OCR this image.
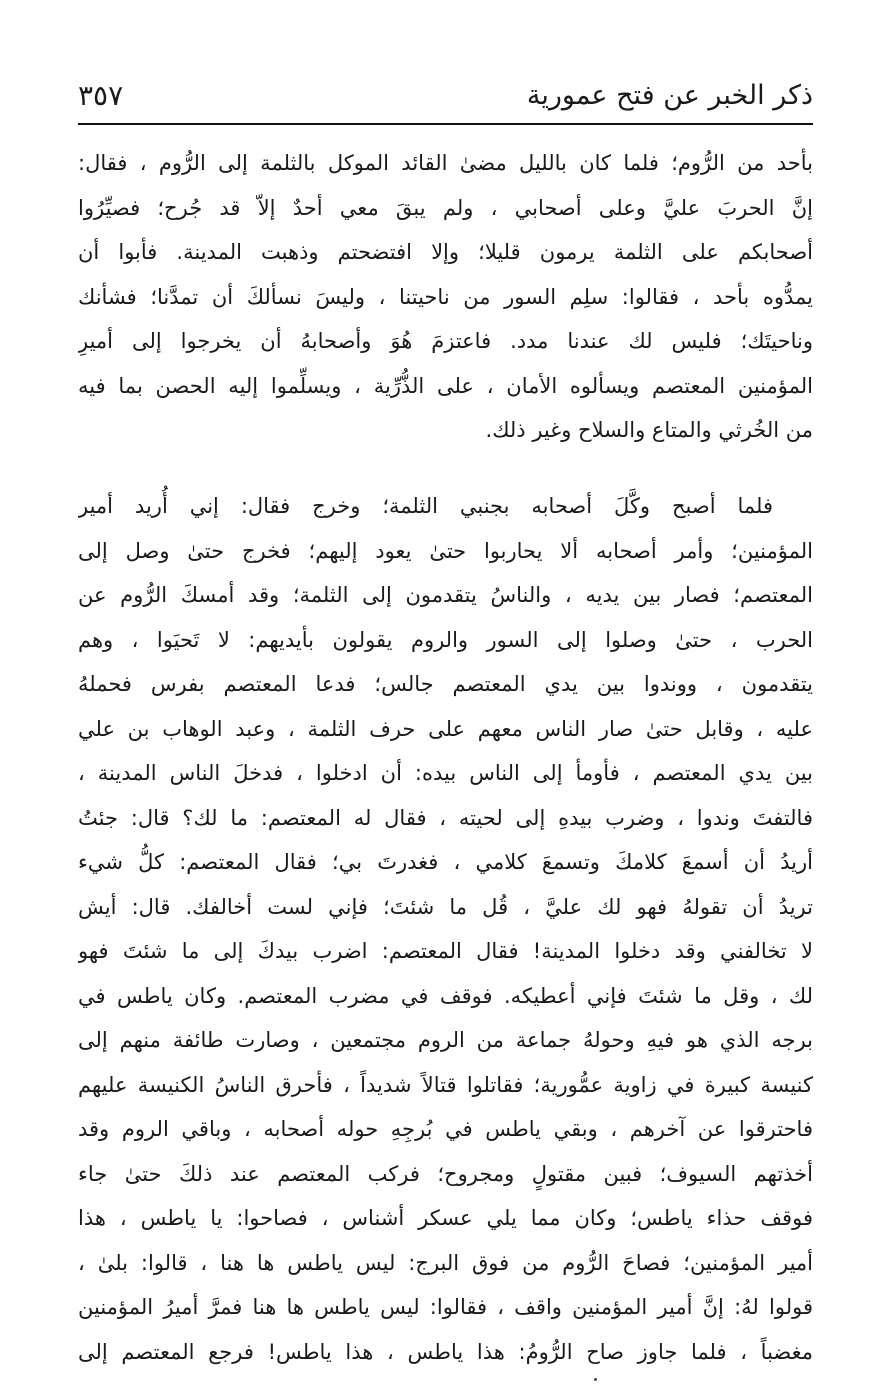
ذكر الخبر عن فتح عمورية
٣٥٧
بأحد من الرُّوم؛ فلما كان بالليل مضىٰ القائد الموكل بالثلمة إلى الرُّوم ، فقال:
إنَّ الحربَ عليَّ وعلى أصحابي ، ولم يبقَ معي أحدٌ إلاّ قد جُرح؛ فصيِّرُوا
أصحابكم على الثلمة يرمون قليلا؛ وإلا افتضحتم وذهبت المدينة. فأبوا أن
يمدُّوه بأحد ، فقالوا: سلِم السور من ناحيتنا ، وليسَ نسألكَ أن تمدَّنا؛ فشأنك
وناحيتَك؛ فليس لك عندنا مدد. فاعتزمَ هُوَ وأصحابهُ أن يخرجوا إلى أميرِ
المؤمنين المعتصم ويسألوه الأمان ، على الذُّرِّية ، ويسلِّموا إليه الحصن بما فيه
من الخُرثي والمتاع والسلاح وغير ذلك.
فلما أصبح وكَّلَ أصحابه بجنبي الثلمة؛ وخرج فقال: إني أُريد أمير
المؤمنين؛ وأمر أصحابه ألا يحاربوا حتىٰ يعود إليهم؛ فخرج حتىٰ وصل إلى
المعتصم؛ فصار بين يديه ، والناسُ يتقدمون إلى الثلمة؛ وقد أمسكَ الرُّوم عن
الحرب ، حتىٰ وصلوا إلى السور والروم يقولون بأيديهم: لا تَحيَوا ، وهم
يتقدمون ، ووندوا بين يدي المعتصم جالس؛ فدعا المعتصم بفرس فحملهُ
عليه ، وقابل حتىٰ صار الناس معهم على حرف الثلمة ، وعبد الوهاب بن علي
بين يدي المعتصم ، فأومأ إلى الناس بيده: أن ادخلوا ، فدخلَ الناس المدينة ،
فالتفتَ وندوا ، وضرب بيدهِ إلى لحيته ، فقال له المعتصم: ما لك؟ قال: جئتُ
أريدُ أن أسمعَ كلامكَ وتسمعَ كلامي ، فغدرتَ بي؛ فقال المعتصم: كلُّ شيء
تريدُ أن تقولهُ فهو لك عليَّ ، قُل ما شئتَ؛ فإني لست أخالفك. قال: أيش
لا تخالفني وقد دخلوا المدينة! فقال المعتصم: اضرب بيدكَ إلى ما شئتَ فهو
لك ، وقل ما شئتَ فإني أعطيكه. فوقف في مضرب المعتصم. وكان ياطس في
برجه الذي هو فيهِ وحولهُ جماعة من الروم مجتمعين ، وصارت طائفة منهم إلى
كنيسة كبيرة في زاوية عمُّورية؛ فقاتلوا قتالاً شديداً ، فأحرق الناسُ الكنيسة عليهم
فاحترقوا عن آخرهم ، وبقي ياطس في بُرجِهِ حوله أصحابه ، وباقي الروم وقد
أخذتهم السيوف؛ فبين مقتولٍ ومجروح؛ فركب المعتصم عند ذلكَ حتىٰ جاء
فوقف حذاء ياطس؛ وكان مما يلي عسكر أشناس ، فصاحوا: يا ياطس ، هذا
أمير المؤمنين؛ فصاحَ الرُّوم من فوق البرج: ليس ياطس ها هنا ، قالوا: بلىٰ ،
قولوا لهُ: إنَّ أمير المؤمنين واقف ، فقالوا: ليس ياطس ها هنا فمرَّ أميرُ المؤمنين
مغضباً ، فلما جاوز صاح الرُّومُ: هذا ياطس ، هذا ياطس! فرجع المعتصم إلى
